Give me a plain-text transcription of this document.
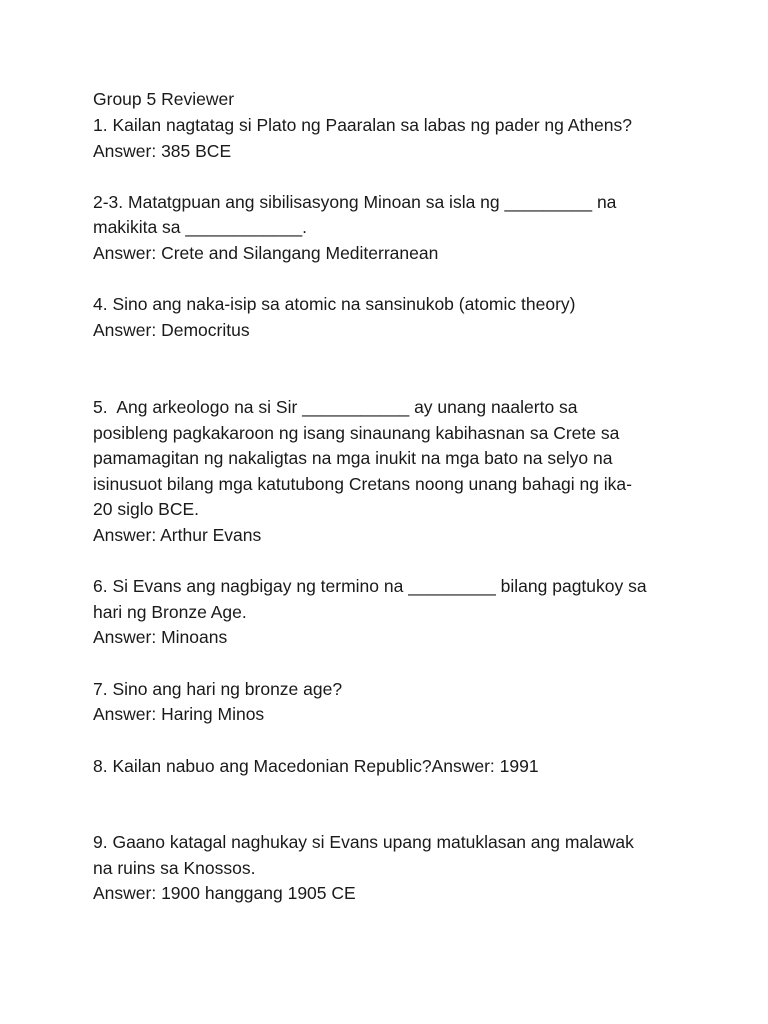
Group 5 Reviewer

1. Kailan nagtatag si Plato ng Paaralan sa labas ng pader ng Athens?

Answer: 385 BCE

2-3. Matatgpuan ang sibilisasyong Minoan sa isla ng _________ na

makikita sa ____________.

Answer: Crete and Silangang Mediterranean

4. Sino ang naka-isip sa atomic na sansinukob (atomic theory)

Answer: Democritus

5.  Ang arkeologo na si Sir ___________ ay unang naalerto sa

posibleng pagkakaroon ng isang sinaunang kabihasnan sa Crete sa

pamamagitan ng nakaligtas na mga inukit na mga bato na selyo na

isinusuot bilang mga katutubong Cretans noong unang bahagi ng ika-

20 siglo BCE.

Answer: Arthur Evans

6. Si Evans ang nagbigay ng termino na _________ bilang pagtukoy sa

hari ng Bronze Age.

Answer: Minoans

7. Sino ang hari ng bronze age?

Answer: Haring Minos

8. Kailan nabuo ang Macedonian Republic?Answer: 1991

9. Gaano katagal naghukay si Evans upang matuklasan ang malawak

na ruins sa Knossos.

Answer: 1900 hanggang 1905 CE
